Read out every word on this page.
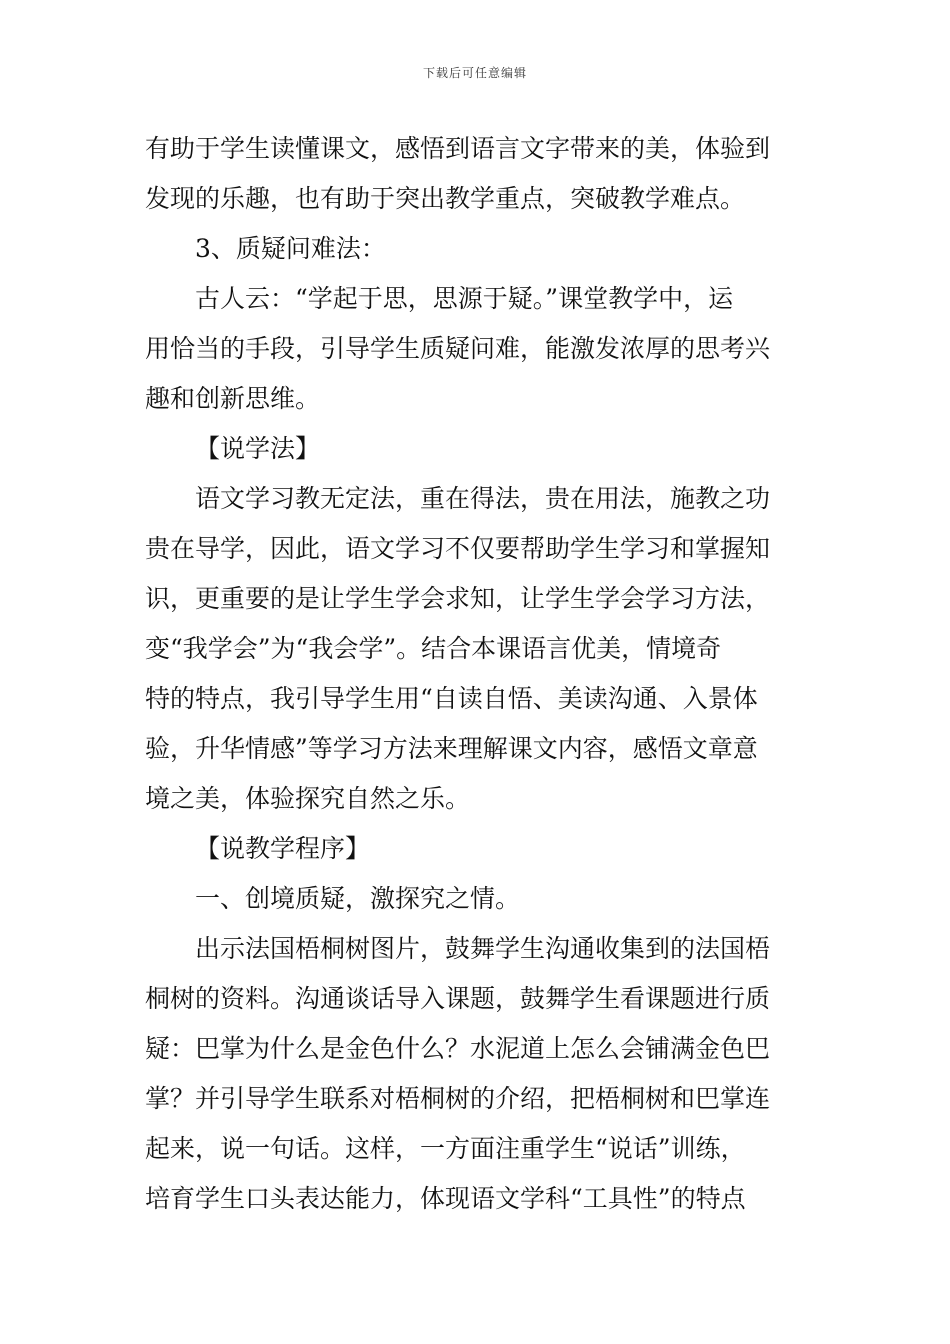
下载后可任意编辑
有助于学生读懂课文，感悟到语言文字带来的美，体验到
发现的乐趣，也有助于突出教学重点，突破教学难点。
3、质疑问难法：
古人云：“学起于思，思源于疑。”课堂教学中，运
用恰当的手段，引导学生质疑问难，能激发浓厚的思考兴
趣和创新思维。
【说学法】
语文学习教无定法，重在得法，贵在用法，施教之功
贵在导学，因此，语文学习不仅要帮助学生学习和掌握知
识，更重要的是让学生学会求知，让学生学会学习方法，
变“我学会”为“我会学”。结合本课语言优美，情境奇
特的特点，我引导学生用“自读自悟、美读沟通、入景体
验，升华情感”等学习方法来理解课文内容，感悟文章意
境之美，体验探究自然之乐。
【说教学程序】
一、创境质疑，激探究之情。
出示法国梧桐树图片，鼓舞学生沟通收集到的法国梧
桐树的资料。沟通谈话导入课题，鼓舞学生看课题进行质
疑：巴掌为什么是金色什么？水泥道上怎么会铺满金色巴
掌？并引导学生联系对梧桐树的介绍，把梧桐树和巴掌连
起来，说一句话。这样，一方面注重学生“说话”训练，
培育学生口头表达能力，体现语文学科“工具性”的特点
